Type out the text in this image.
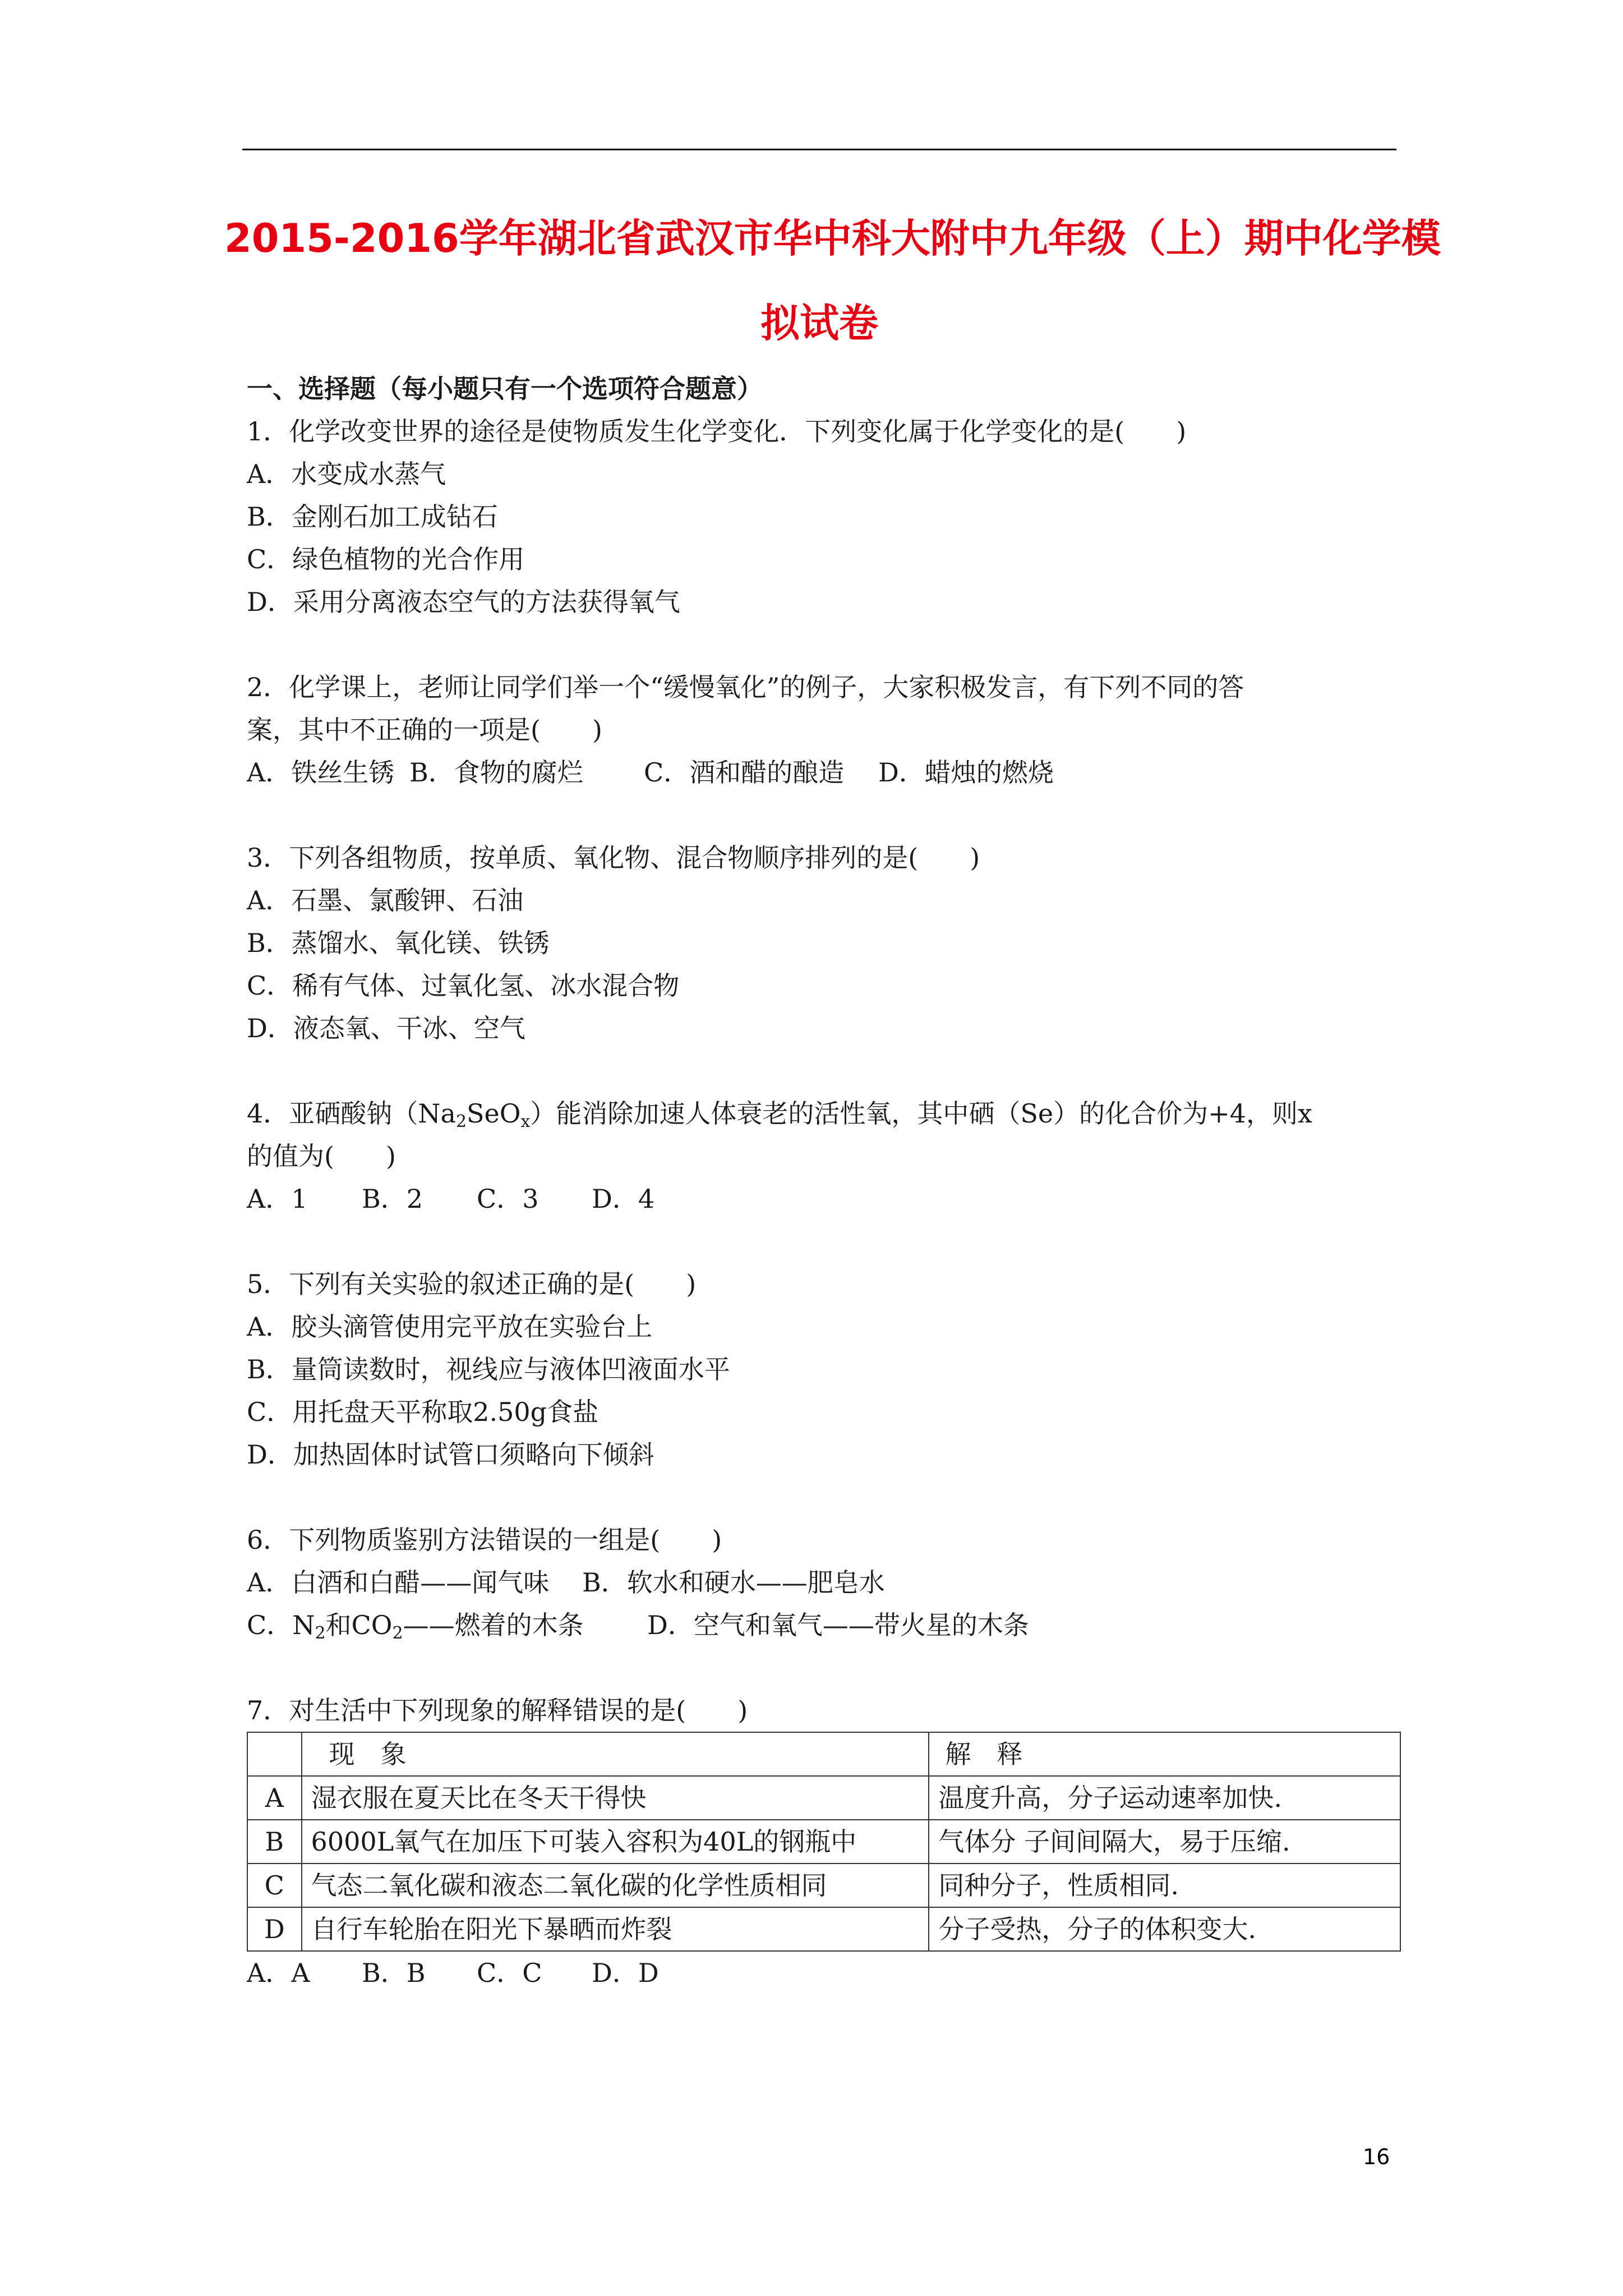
2015-2016学年湖北省武汉市华中科大附中九年级（上）期中化学模
拟试卷
一、选择题（每小题只有一个选项符合题意）
1．化学改变世界的途径是使物质发生化学变化．下列变化属于化学变化的是(　　)
A．水变成水蒸气
B．金刚石加工成钻石
C．绿色植物的光合作用
D．采用分离液态空气的方法获得氧气
2．化学课上，老师让同学们举一个“缓慢氧化”的例子，大家积极发言，有下列不同的答
案，其中不正确的一项是(　　)
A．铁丝生锈 B．食物的腐烂	C．酒和醋的酿造	D．蜡烛的燃烧
3．下列各组物质，按单质、氧化物、混合物顺序排列的是(　　)
A．石墨、氯酸钾、石油
B．蒸馏水、氧化镁、铁锈
C．稀有气体、过氧化氢、冰水混合物
D．液态氧、干冰、空气
4．亚硒酸钠$(Na_2SeO_x)$能消除加速人体衰老的活性氧，其中硒（Se）的化合价为+4，则x
的值为(　　)
A．1	B．2	C．3	D．4
5．下列有关实验的叙述正确的是(　　)
A．胶头滴管使用完平放在实验台上
B．量筒读数时，视线应与液体凹液面水平
C．用托盘天平称取2.50g食盐
D．加热固体时试管口须略向下倾斜
6．下列物质鉴别方法错误的一组是(　　)
A．白酒和白醋——闻气味	B．软水和硬水——肥皂水
C．$N_2$和$CO_2——$燃着的木条	D．空气和氧气——带火星的木条
7．对生活中下列现象的解释错误的是(　　)
	现　象	解　释
A	湿衣服在夏天比在冬天干得快	温度升高，分子运动速率加快.
B	6000L氧气在加压下可装入容积为40L的钢瓶中	气体分 子间间隔大，易于压缩.
C	气态二氧化碳和液态二氧化碳的化学性质相同	同种分子，性质相同.
D	自行车轮胎在阳光下暴晒而炸裂	分子受热，分子的体积变大.
A．A	B．B	C．C	D．D
16
